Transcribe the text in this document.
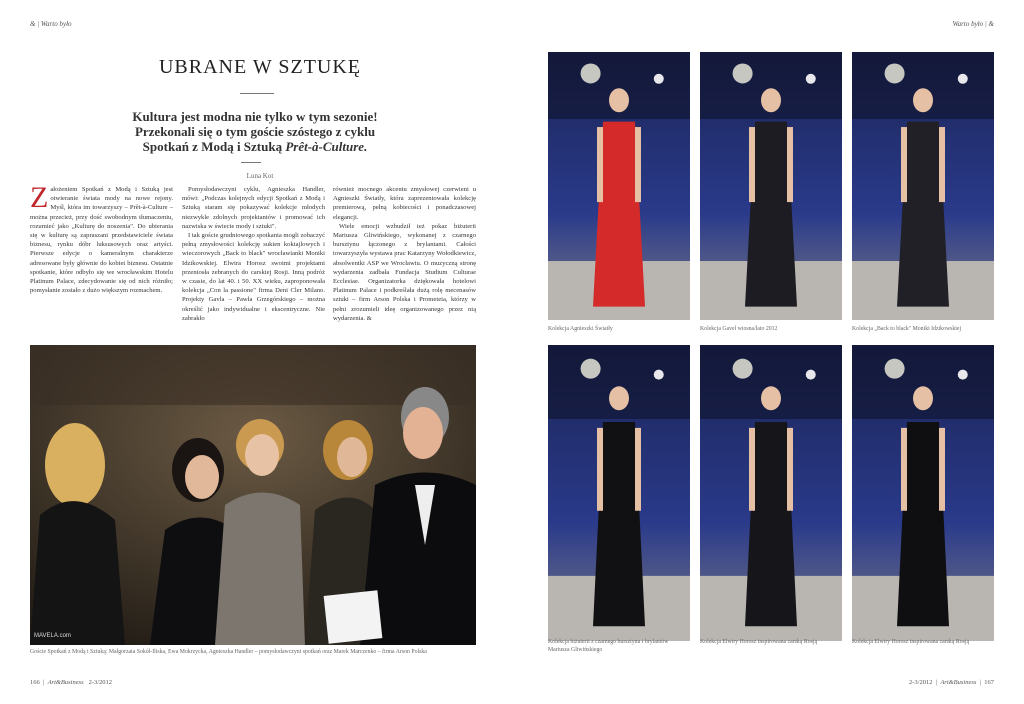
& | Warto było	Warto było | &
UBRANE W SZTUKĘ
Kultura jest modna nie tylko w tym sezonie!
Przekonali się o tym goście szóstego z cyklu
Spotkań z Modą i Sztuką Prêt-à-Culture.
Luna Kot

Założeniem Spotkań z Modą i Sztuką jest otwieranie świata mody na nowe rejony. Myśl, która im towarzyszy – Prêt-à-Culture – można przecież, przy dość swobodnym tłumaczeniu, rozumieć jako „Kulturę do noszenia". Do ubierania się w kulturę są zapraszani przedstawiciele świata biznesu, rynku dóbr luksusowych oraz artyści. Pierwsze edycje o kameralnym charakterze adresowane były głównie do kobiet biznesu. Ostatnie spotkanie, które odbyło się we wrocławskim Hotelu Platinum Palace, zdecydowanie się od nich różniło; pomysłanie zostało z dużo większym rozmachem.

Pomysłodawczyni cyklu, Agnieszka Handler, mówi: „Podczas kolejnych edycji Spotkań z Modą i Sztuką staram się pokazywać kolekcje młodych niezwykle zdolnych projektantów i promować ich nazwiska w świecie mody i sztuki".

I tak goście grudniowego spotkania mogli zobaczyć pełną zmysłowości kolekcję sukien koktajlowych i wieczorowych „Back to black" wrocławianki Moniki Idzikowskiej. Elwira Horosz swoimi projektami przeniosła zebranych do carskiej Rosji. Inną podróż w czasie, do lat 40. i 50. XX wieku, zaproponowała kolekcja „Con la passione" firma Deni Cler Milano. Projekty Gavla – Pawła Grzegórskiego – można określić jako indywidualne i ekscentryczne. Nie zabrakło

również mocnego akcentu zmysłowej czerwieni u Agnieszki Światły, która zaprezentowała kolekcję premierową, pełną kobiecości i ponadczasowej elegancji.

Wiele emocji wzbudził też pokaz biżuterii Mariusza Gliwińskiego, wykonanej z czarnego bursztynu łączonego z brylantami. Całości towarzyszyła wystawa prac Katarzyny Wołodkiewicz, absolwentki ASP we Wrocławiu. O muzyczną stronę wydarzenia zadbała Fundacja Studium Culturae Ecclesiae. Organizatorka dziękowała hotelowi Platinum Palace i podkreślała dużą rolę mecenasów sztuki – firm Arson Polska i Prometeia, którzy w pełni zrozumieli ideę organizowanego przez nią wydarzenia. &

MAVELA.com
Goście Spotkań z Modą i Sztuką: Małgorzata Sokół-Iliska, Ewa Mokrzycka, Agnieszka Handler – pomysłodawczyni spotkań oraz Marek Marczenko – firma Arson Polska
Kolekcja Agnieszki Światły	Kolekcja Gavel wiosna/lato 2012	Kolekcja „Back to black" Moniki Idzikowskiej
Kolekcja biżuterii z czarnego bursztynu i brylantów Mariusza Gliwińskiego
Kolekcja Elwiry Horosz inspirowana carską Rosją	Kolekcja Elwiry Horosz inspirowana carską Rosją
166  |  Art&Business 2-3/2012	2-3/2012  |  Art&Business  |  167
